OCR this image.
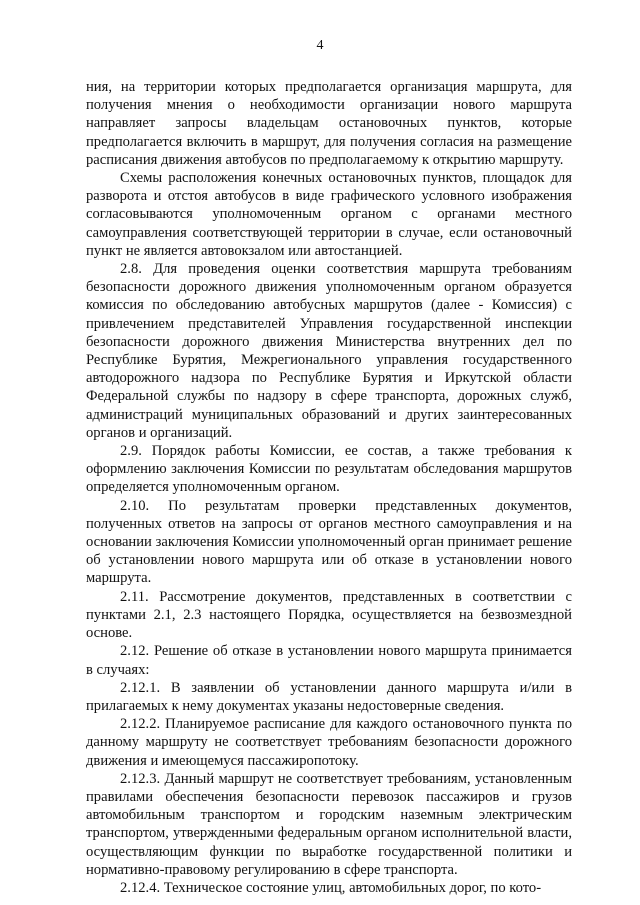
4

ния, на территории которых предполагается организация маршрута, для получения мнения о необходимости организации нового маршрута направляет запросы владельцам остановочных пунктов, которые предполагается включить в маршрут, для получения согласия на размещение расписания движения автобусов по предполагаемому к открытию маршруту.

Схемы расположения конечных остановочных пунктов, площадок для разворота и отстоя автобусов в виде графического условного изображения согласовываются уполномоченным органом с органами местного самоуправления соответствующей территории в случае, если остановочный пункт не является автовокзалом или автостанцией.

2.8. Для проведения оценки соответствия маршрута требованиям безопасности дорожного движения уполномоченным органом образуется комиссия по обследованию автобусных маршрутов (далее - Комиссия) с привлечением представителей Управления государственной инспекции безопасности дорожного движения Министерства внутренних дел по Республике Бурятия, Межрегионального управления государственного автодорожного надзора по Республике Бурятия и Иркутской области Федеральной службы по надзору в сфере транспорта, дорожных служб, администраций муниципальных образований и других заинтересованных органов и организаций.

2.9. Порядок работы Комиссии, ее состав, а также требования к оформлению заключения Комиссии по результатам обследования маршрутов определяется уполномоченным органом.

2.10. По результатам проверки представленных документов, полученных ответов на запросы от органов местного самоуправления и на основании заключения Комиссии уполномоченный орган принимает решение об установлении нового маршрута или об отказе в установлении нового маршрута.

2.11. Рассмотрение документов, представленных в соответствии с пунктами 2.1, 2.3 настоящего Порядка, осуществляется на безвозмездной основе.

2.12. Решение об отказе в установлении нового маршрута принимается в случаях:

2.12.1. В заявлении об установлении данного маршрута и/или в прилагаемых к нему документах указаны недостоверные сведения.

2.12.2. Планируемое расписание для каждого остановочного пункта по данному маршруту не соответствует требованиям безопасности дорожного движения и имеющемуся пассажиропотоку.

2.12.3. Данный маршрут не соответствует требованиям, установленным правилами обеспечения безопасности перевозок пассажиров и грузов автомобильным транспортом и городским наземным электрическим транспортом, утвержденными федеральным органом исполнительной власти, осуществляющим функции по выработке государственной политики и нормативно-правовому регулированию в сфере транспорта.

2.12.4. Техническое состояние улиц, автомобильных дорог, по кото-
